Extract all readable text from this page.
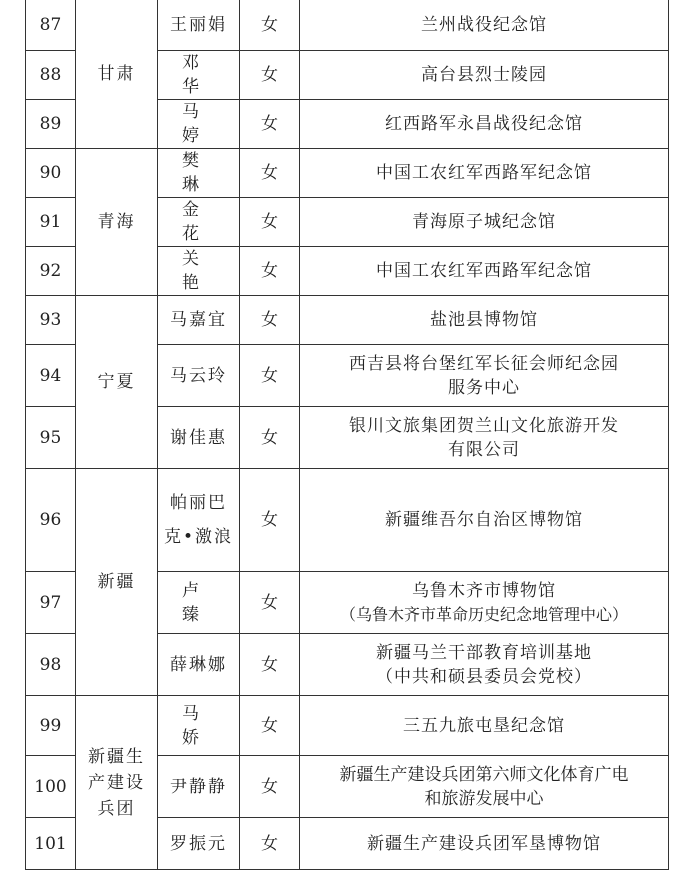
87	甘肃	王丽娟	女	兰州战役纪念馆

88		邓 华	女	高台县烈士陵园

89		马 婷	女	红西路军永昌战役纪念馆

90	青海	樊 琳	女	中国工农红军西路军纪念馆

91		金 花	女	青海原子城纪念馆

92		关 艳	女	中国工农红军西路军纪念馆

93	宁夏	马嘉宜	女	盐池县博物馆

94		马云玲	女	西吉县将台堡红军长征会师纪念园
服务中心

95		谢佳惠	女	银川文旅集团贺兰山文化旅游开发
有限公司

96	新疆	帕丽巴
克•激浪	女	新疆维吾尔自治区博物馆

97		卢 臻	女	乌鲁木齐市博物馆
（乌鲁木齐市革命历史纪念地管理中心）

98		薛琳娜	女	新疆马兰干部教育培训基地
（中共和硕县委员会党校）

99	新疆生
产建设
兵团	马 娇	女	三五九旅屯垦纪念馆

100		尹静静	女	新疆生产建设兵团第六师文化体育广电
和旅游发展中心

101		罗振元	女	新疆生产建设兵团军垦博物馆
